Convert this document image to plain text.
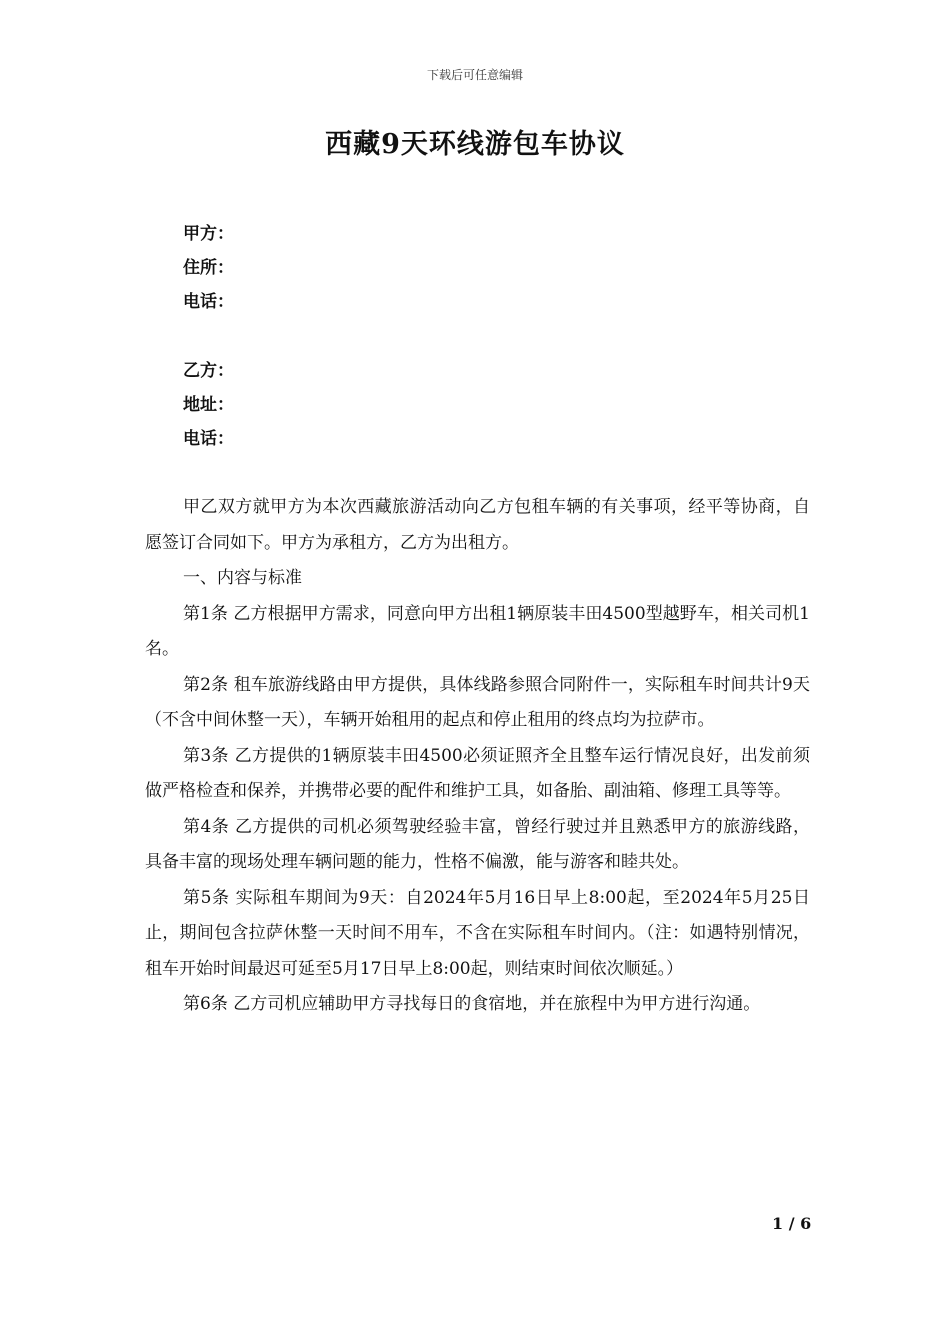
下载后可任意编辑
西藏9天环线游包车协议
甲方：
住所：
电话：
乙方：
地址：
电话：

甲乙双方就甲方为本次西藏旅游活动向乙方包租车辆的有关事项，经平等协商，自愿签订合同如下。甲方为承租方，乙方为出租方。

一、内容与标准

第1条 乙方根据甲方需求，同意向甲方出租1辆原装丰田4500型越野车，相关司机1名。

第2条 租车旅游线路由甲方提供，具体线路参照合同附件一，实际租车时间共计9天（不含中间休整一天），车辆开始租用的起点和停止租用的终点均为拉萨市。

第3条 乙方提供的1辆原装丰田4500必须证照齐全且整车运行情况良好，出发前须做严格检查和保养，并携带必要的配件和维护工具，如备胎、副油箱、修理工具等等。

第4条 乙方提供的司机必须驾驶经验丰富，曾经行驶过并且熟悉甲方的旅游线路，具备丰富的现场处理车辆问题的能力，性格不偏激，能与游客和睦共处。

第5条 实际租车期间为9天：自2024年5月16日早上8:00起，至2024年5月25日止，期间包含拉萨休整一天时间不用车，不含在实际租车时间内。（注：如遇特别情况，租车开始时间最迟可延至5月17日早上8:00起，则结束时间依次顺延。）

第6条 乙方司机应辅助甲方寻找每日的食宿地，并在旅程中为甲方进行沟通。

1 / 6
